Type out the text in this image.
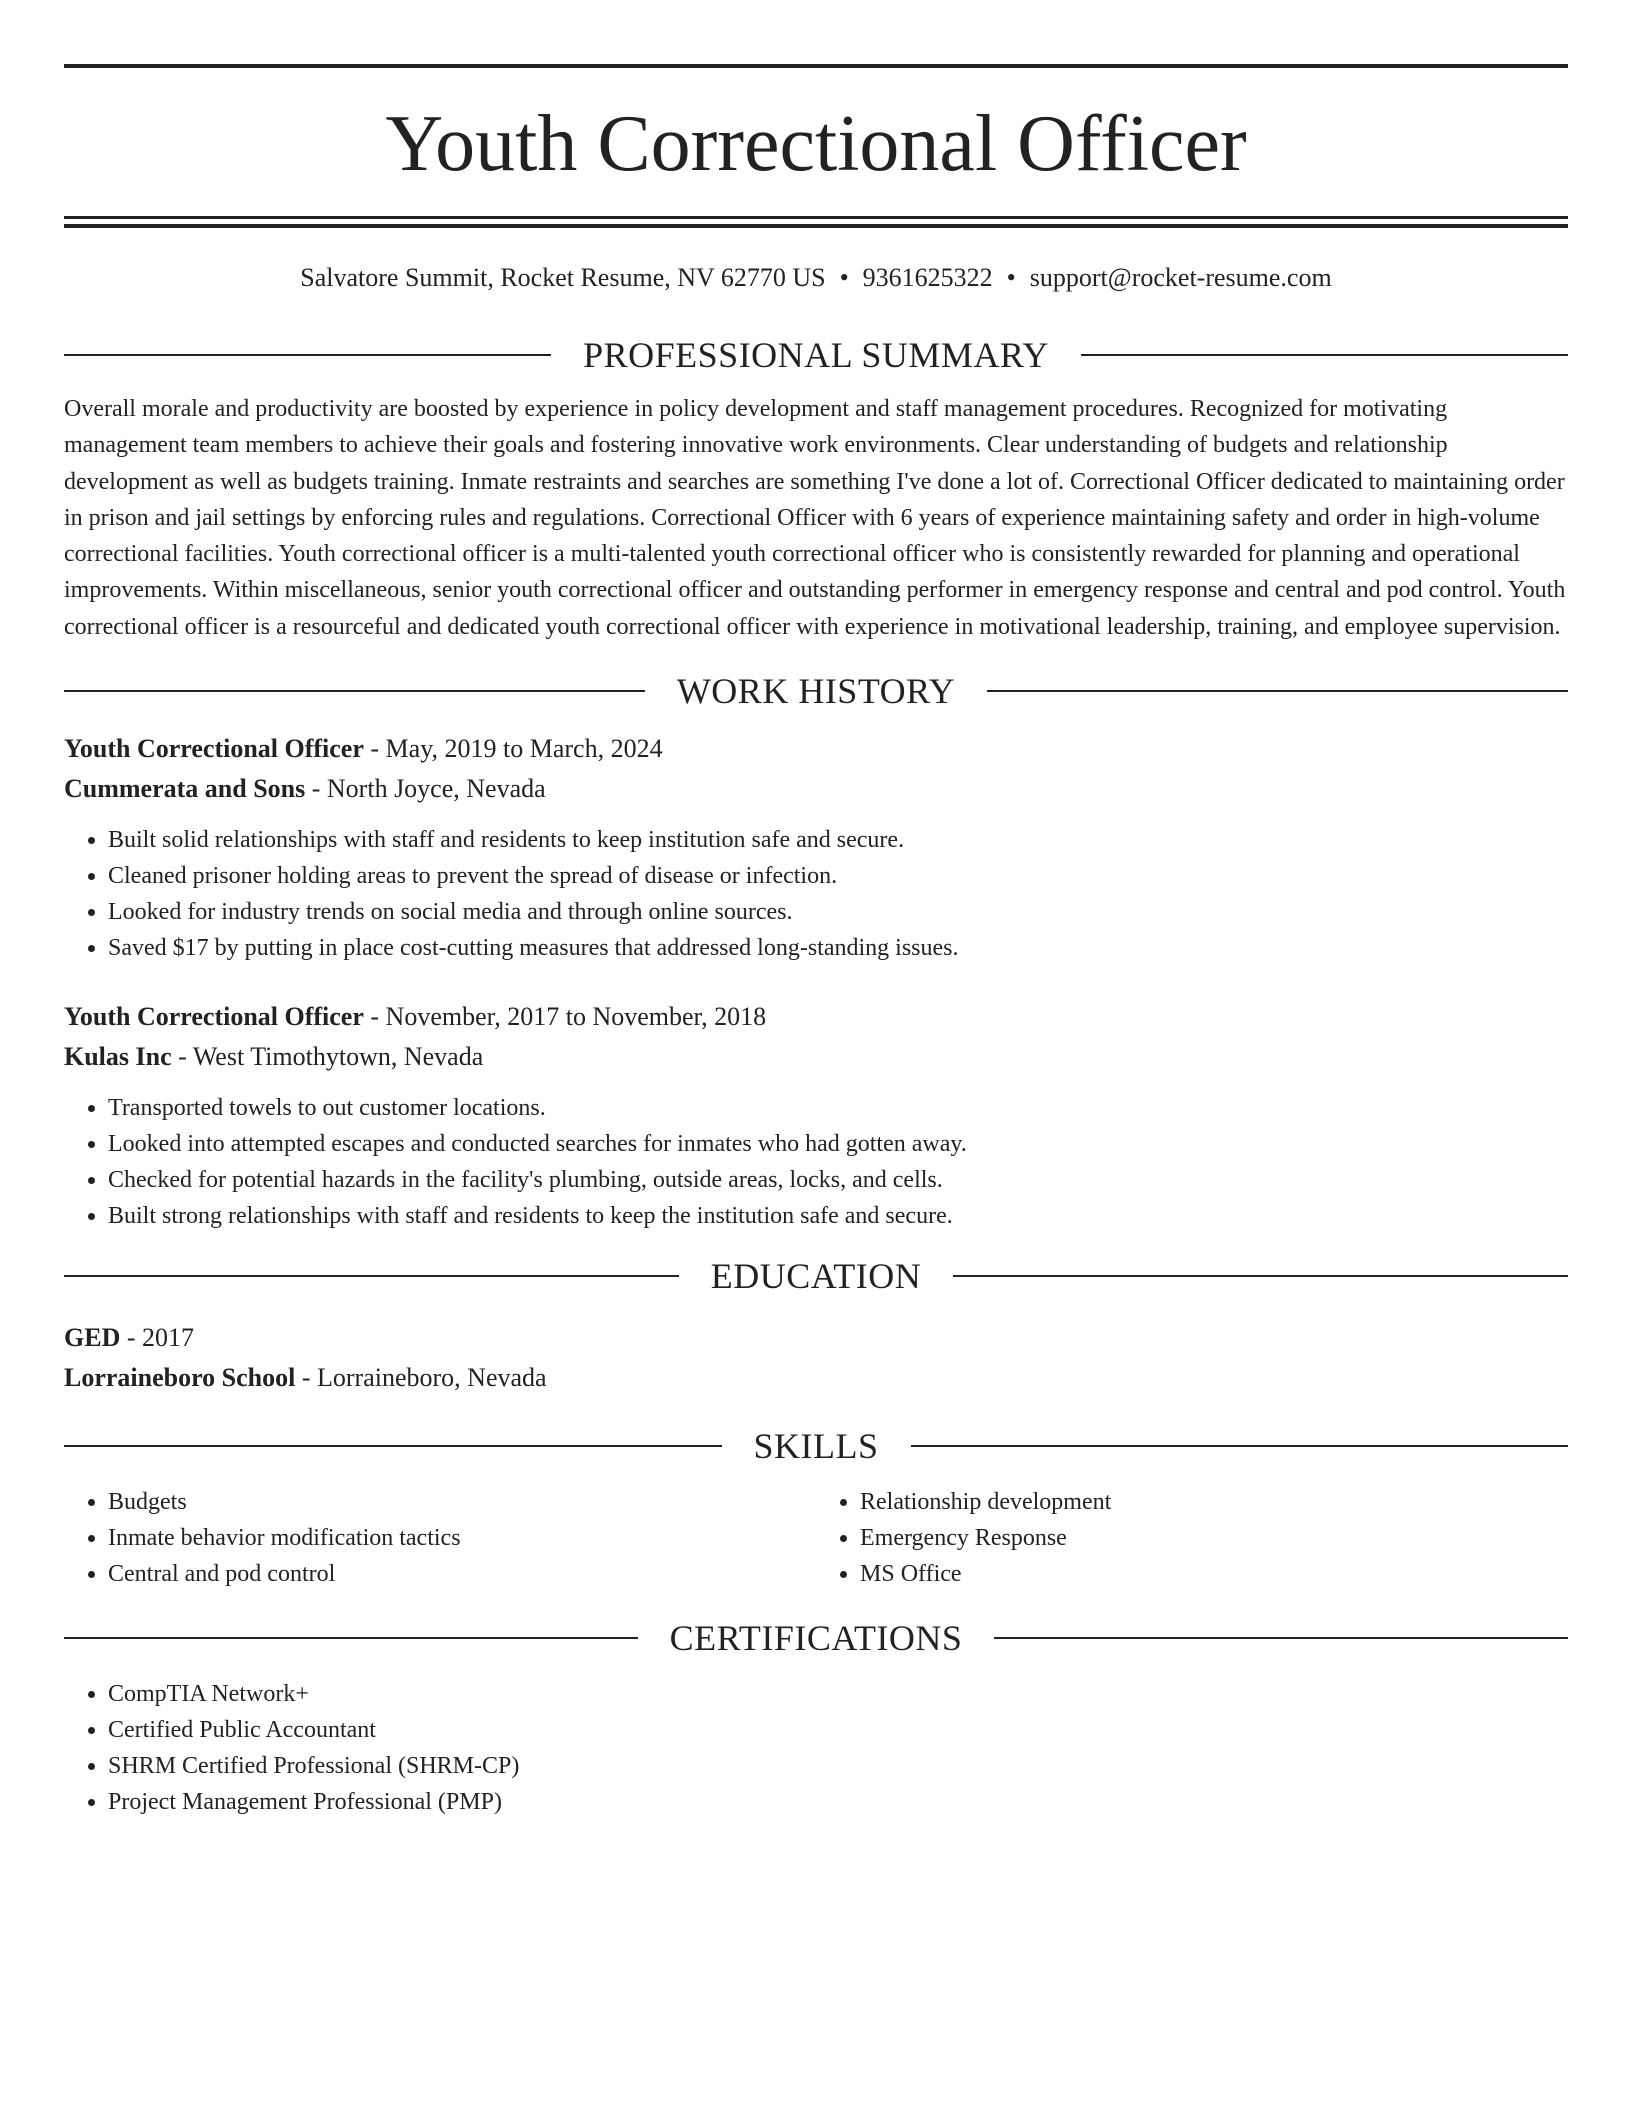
Youth Correctional Officer
Salvatore Summit, Rocket Resume, NV 62770 US • 9361625322 • support@rocket-resume.com
PROFESSIONAL SUMMARY

Overall morale and productivity are boosted by experience in policy development and staff management procedures. Recognized for motivating management team members to achieve their goals and fostering innovative work environments. Clear understanding of budgets and relationship development as well as budgets training. Inmate restraints and searches are something I've done a lot of. Correctional Officer dedicated to maintaining order in prison and jail settings by enforcing rules and regulations. Correctional Officer with 6 years of experience maintaining safety and order in high-volume correctional facilities. Youth correctional officer is a multi-talented youth correctional officer who is consistently rewarded for planning and operational improvements. Within miscellaneous, senior youth correctional officer and outstanding performer in emergency response and central and pod control. Youth correctional officer is a resourceful and dedicated youth correctional officer with experience in motivational leadership, training, and employee supervision.

WORK HISTORY
Youth Correctional Officer - May, 2019 to March, 2024
Cummerata and Sons - North Joyce, Nevada
• Built solid relationships with staff and residents to keep institution safe and secure.
• Cleaned prisoner holding areas to prevent the spread of disease or infection.
• Looked for industry trends on social media and through online sources.
• Saved $17 by putting in place cost-cutting measures that addressed long-standing issues.
Youth Correctional Officer - November, 2017 to November, 2018
Kulas Inc - West Timothytown, Nevada
• Transported towels to out customer locations.
• Looked into attempted escapes and conducted searches for inmates who had gotten away.
• Checked for potential hazards in the facility's plumbing, outside areas, locks, and cells.
• Built strong relationships with staff and residents to keep the institution safe and secure.
EDUCATION
GED - 2017
Lorraineboro School - Lorraineboro, Nevada
SKILLS
• Budgets
• Inmate behavior modification tactics
• Central and pod control
• Relationship development
• Emergency Response
• MS Office
CERTIFICATIONS
• CompTIA Network+
• Certified Public Accountant
• SHRM Certified Professional (SHRM-CP)
• Project Management Professional (PMP)
